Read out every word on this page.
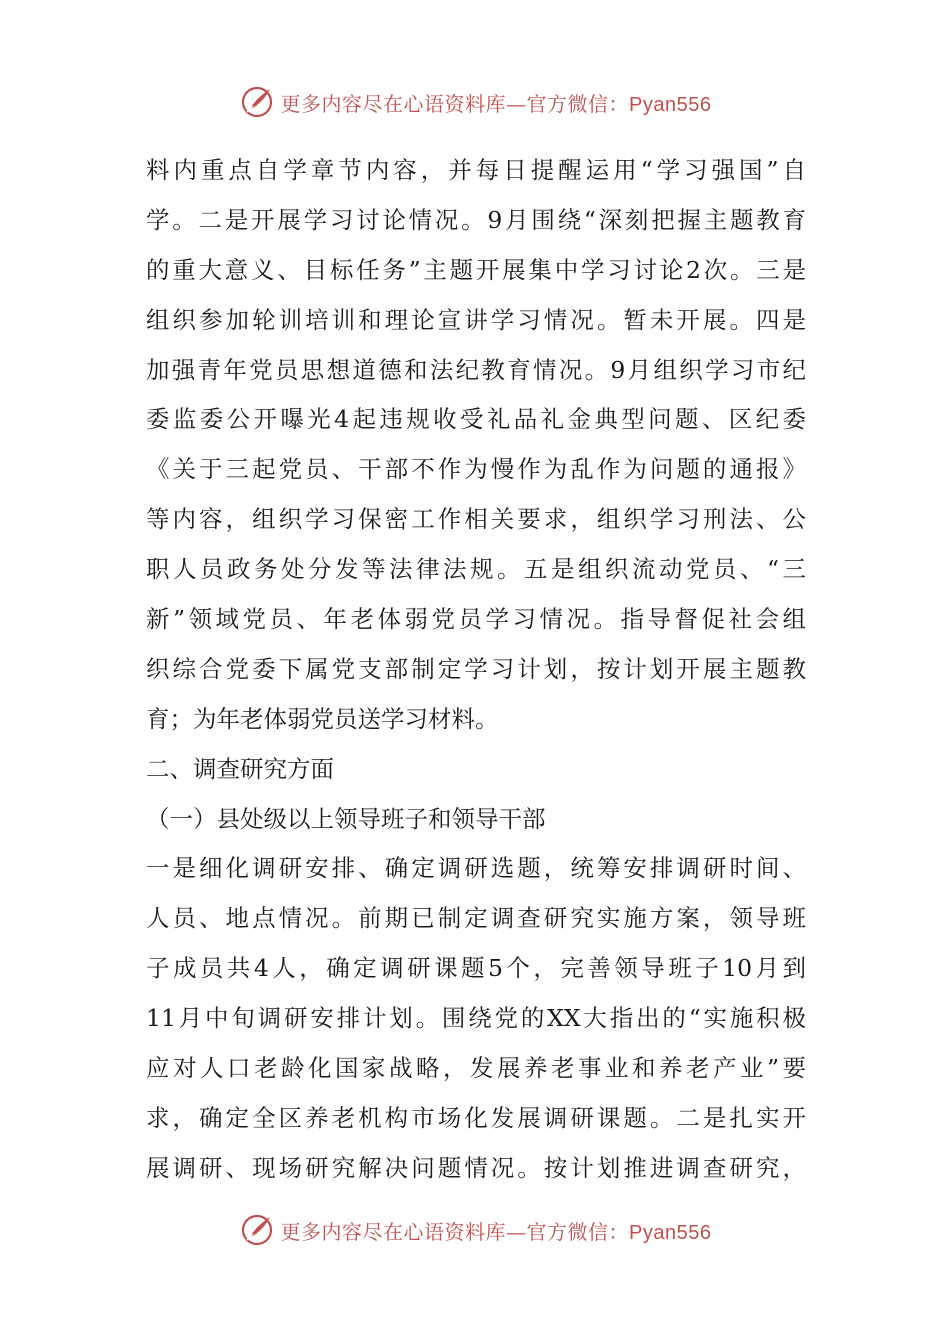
更多内容尽在心语资料库—官方微信：Pyan556
料内重点自学章节内容，并每日提醒运用“学习强国”自
学。二是开展学习讨论情况。9月围绕“深刻把握主题教育
的重大意义、目标任务”主题开展集中学习讨论2次。三是
组织参加轮训培训和理论宣讲学习情况。暂未开展。四是
加强青年党员思想道德和法纪教育情况。9月组织学习市纪
委监委公开曝光4起违规收受礼品礼金典型问题、区纪委
《关于三起党员、干部不作为慢作为乱作为问题的通报》
等内容，组织学习保密工作相关要求，组织学习刑法、公
职人员政务处分发等法律法规。五是组织流动党员、“三
新”领域党员、年老体弱党员学习情况。指导督促社会组
织综合党委下属党支部制定学习计划，按计划开展主题教
育；为年老体弱党员送学习材料。
二、调查研究方面
（一）县处级以上领导班子和领导干部
一是细化调研安排、确定调研选题，统筹安排调研时间、
人员、地点情况。前期已制定调查研究实施方案，领导班
子成员共4人，确定调研课题5个，完善领导班子10月到
11月中旬调研安排计划。围绕党的XX大指出的“实施积极
应对人口老龄化国家战略，发展养老事业和养老产业”要
求，确定全区养老机构市场化发展调研课题。二是扎实开
展调研、现场研究解决问题情况。按计划推进调查研究，
更多内容尽在心语资料库—官方微信：Pyan556
